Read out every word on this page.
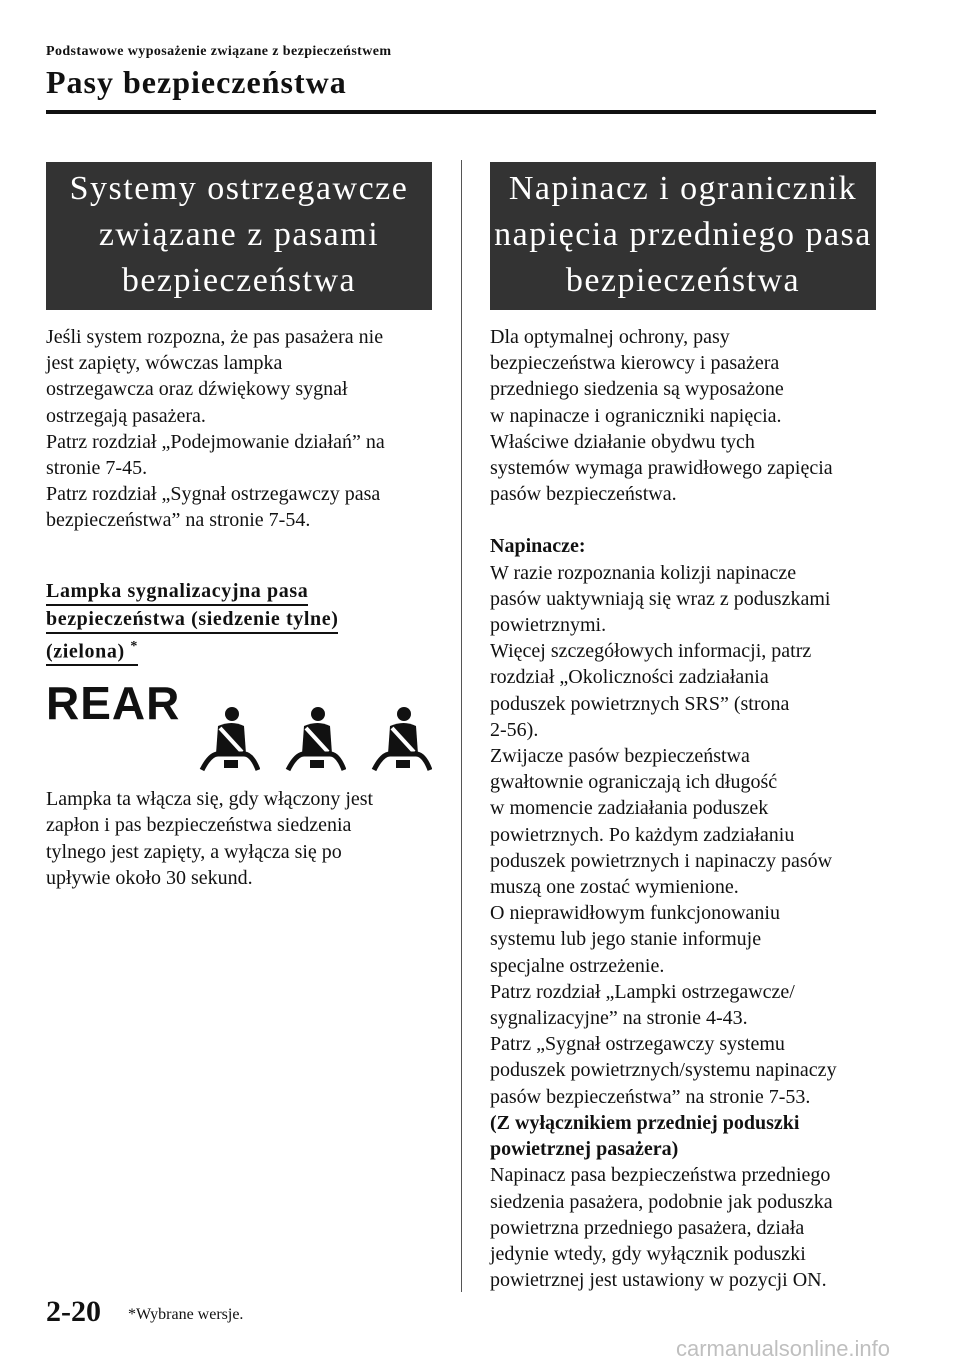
Podstawowe wyposażenie związane z bezpieczeństwem
Pasy bezpieczeństwa
Systemy ostrzegawcze
związane z pasami
bezpieczeństwa

Jeśli system rozpozna, że pas pasażera nie

jest zapięty, wówczas lampka

ostrzegawcza oraz dźwiękowy sygnał

ostrzegają pasażera.

Patrz rozdział „Podejmowanie działań” na

stronie 7-45.

Patrz rozdział „Sygnał ostrzegawczy pasa

bezpieczeństwa” na stronie 7-54.

Lampka sygnalizacyjna pasa
bezpieczeństwa (siedzenie tylne)
(zielona) *
REAR

Lampka ta włącza się, gdy włączony jest

zapłon i pas bezpieczeństwa siedzenia

tylnego jest zapięty, a wyłącza się po

upływie około 30 sekund.

Napinacz i ogranicznik
napięcia przedniego pasa
bezpieczeństwa

Dla optymalnej ochrony, pasy

bezpieczeństwa kierowcy i pasażera

przedniego siedzenia są wyposażone

w napinacze i ograniczniki napięcia.

Właściwe działanie obydwu tych

systemów wymaga prawidłowego zapięcia

pasów bezpieczeństwa.

Napinacze:

W razie rozpoznania kolizji napinacze

pasów uaktywniają się wraz z poduszkami

powietrznymi.

Więcej szczegółowych informacji, patrz

rozdział „Okoliczności zadziałania

poduszek powietrznych SRS” (strona

2-56).

Zwijacze pasów bezpieczeństwa

gwałtownie ograniczają ich długość

w momencie zadziałania poduszek

powietrznych. Po każdym zadziałaniu

poduszek powietrznych i napinaczy pasów

muszą one zostać wymienione.

O nieprawidłowym funkcjonowaniu

systemu lub jego stanie informuje

specjalne ostrzeżenie.

Patrz rozdział „Lampki ostrzegawcze/

sygnalizacyjne” na stronie 4-43.

Patrz „Sygnał ostrzegawczy systemu

poduszek powietrznych/systemu napinaczy

pasów bezpieczeństwa” na stronie 7-53.

(Z wyłącznikiem przedniej poduszki

powietrznej pasażera)

Napinacz pasa bezpieczeństwa przedniego

siedzenia pasażera, podobnie jak poduszka

powietrzna przedniego pasażera, działa

jedynie wtedy, gdy wyłącznik poduszki

powietrznej jest ustawiony w pozycji ON.

2-20 *Wybrane wersje.
carmanualsonline.info
